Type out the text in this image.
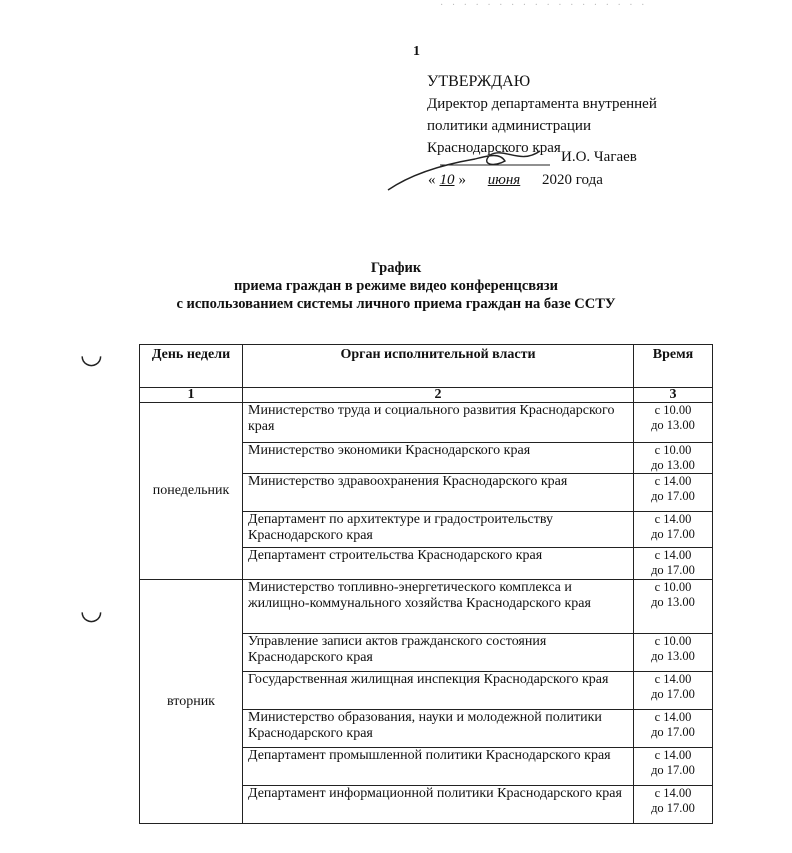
· · · · · · · · · · · · · · · · · ·
1
УТВЕРЖДАЮ
Директор департамента внутренней
политики администрации
Краснодарского края
И.О. Чагаев
« 10 » июня 2020 года
График
приема граждан в режиме видео конференцсвязи
с использованием системы личного приема граждан на базе ССТУ
◡
◡
День недели	Орган исполнительной власти	Время
1	2	3
понедельник	Министерство труда и социального развития Краснодарского края	
с 10.00
до 13.00

Министерство экономики Краснодарского края	с 10.00
до 13.00

Министерство здравоохранения Краснодарского края	с 14.00
до 17.00

Департамент по архитектуре и градостроительству Краснодарского края	
с 14.00
до 17.00

Департамент строительства Краснодарского края	с 14.00
до 17.00

вторник	Министерство топливно-энергетического комплекса и жилищно-коммунального хозяйства Краснодарского края	
с 10.00
до 13.00

Управление записи актов гражданского состояния Краснодарского края	
с 10.00
до 13.00

Государственная жилищная инспекция Краснодарского края	с 14.00
до 17.00

Министерство образования, науки и молодежной политики Краснодарского края	
с 14.00
до 17.00

Департамент промышленной политики Краснодарского края	с 14.00
до 17.00

Департамент информационной политики Краснодарского края	с 14.00
до 17.00
